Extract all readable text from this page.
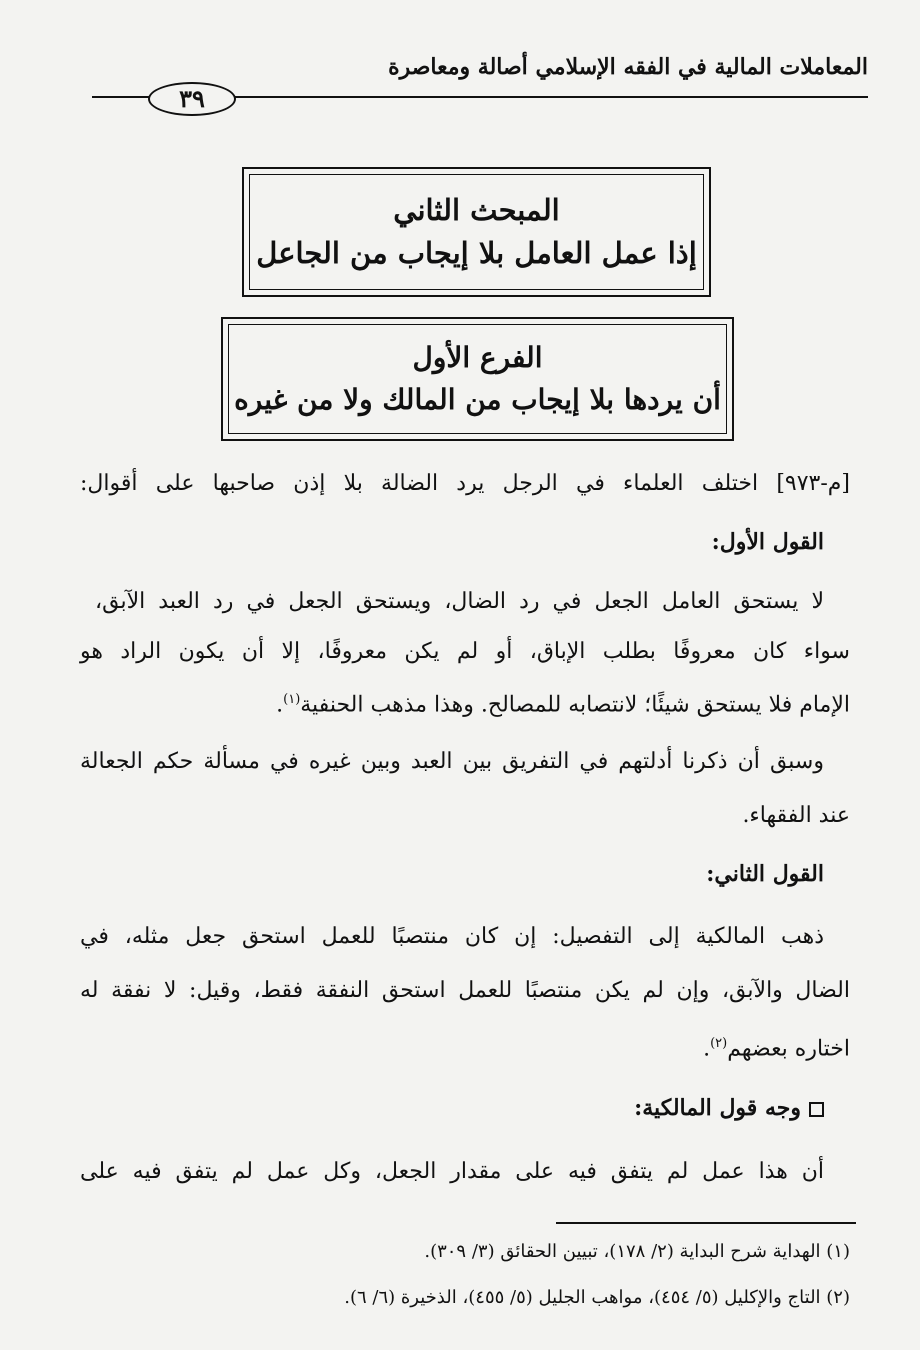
المعاملات المالية في الفقه الإسلامي أصالة ومعاصرة
٣٩
المبحث الثاني
إذا عمل العامل بلا إيجاب من الجاعل
الفرع الأول
أن يردها بلا إيجاب من المالك ولا من غيره
[م-٩٧٣] اختلف العلماء في الرجل يرد الضالة بلا إذن صاحبها على أقوال:
القول الأول:
لا يستحق العامل الجعل في رد الضال، ويستحق الجعل في رد العبد الآبق،
سواء كان معروفًا بطلب الإباق، أو لم يكن معروفًا، إلا أن يكون الراد هو
الإمام فلا يستحق شيئًا؛ لانتصابه للمصالح. وهذا مذهب الحنفية$^{(١)}$.
وسبق أن ذكرنا أدلتهم في التفريق بين العبد وبين غيره في مسألة حكم الجعالة
عند الفقهاء.
القول الثاني:
ذهب المالكية إلى التفصيل: إن كان منتصبًا للعمل استحق جعل مثله، في
الضال والآبق، وإن لم يكن منتصبًا للعمل استحق النفقة فقط، وقيل: لا نفقة له
اختاره بعضهم$^{(٢)}$.
وجه قول المالكية:
أن هذا عمل لم يتفق فيه على مقدار الجعل، وكل عمل لم يتفق فيه على
(١) الهداية شرح البداية (٢/ ١٧٨)، تبيين الحقائق (٣/ ٣٠٩).
(٢) التاج والإكليل (٥/ ٤٥٤)، مواهب الجليل (٥/ ٤٥٥)، الذخيرة (٦/ ٦).
